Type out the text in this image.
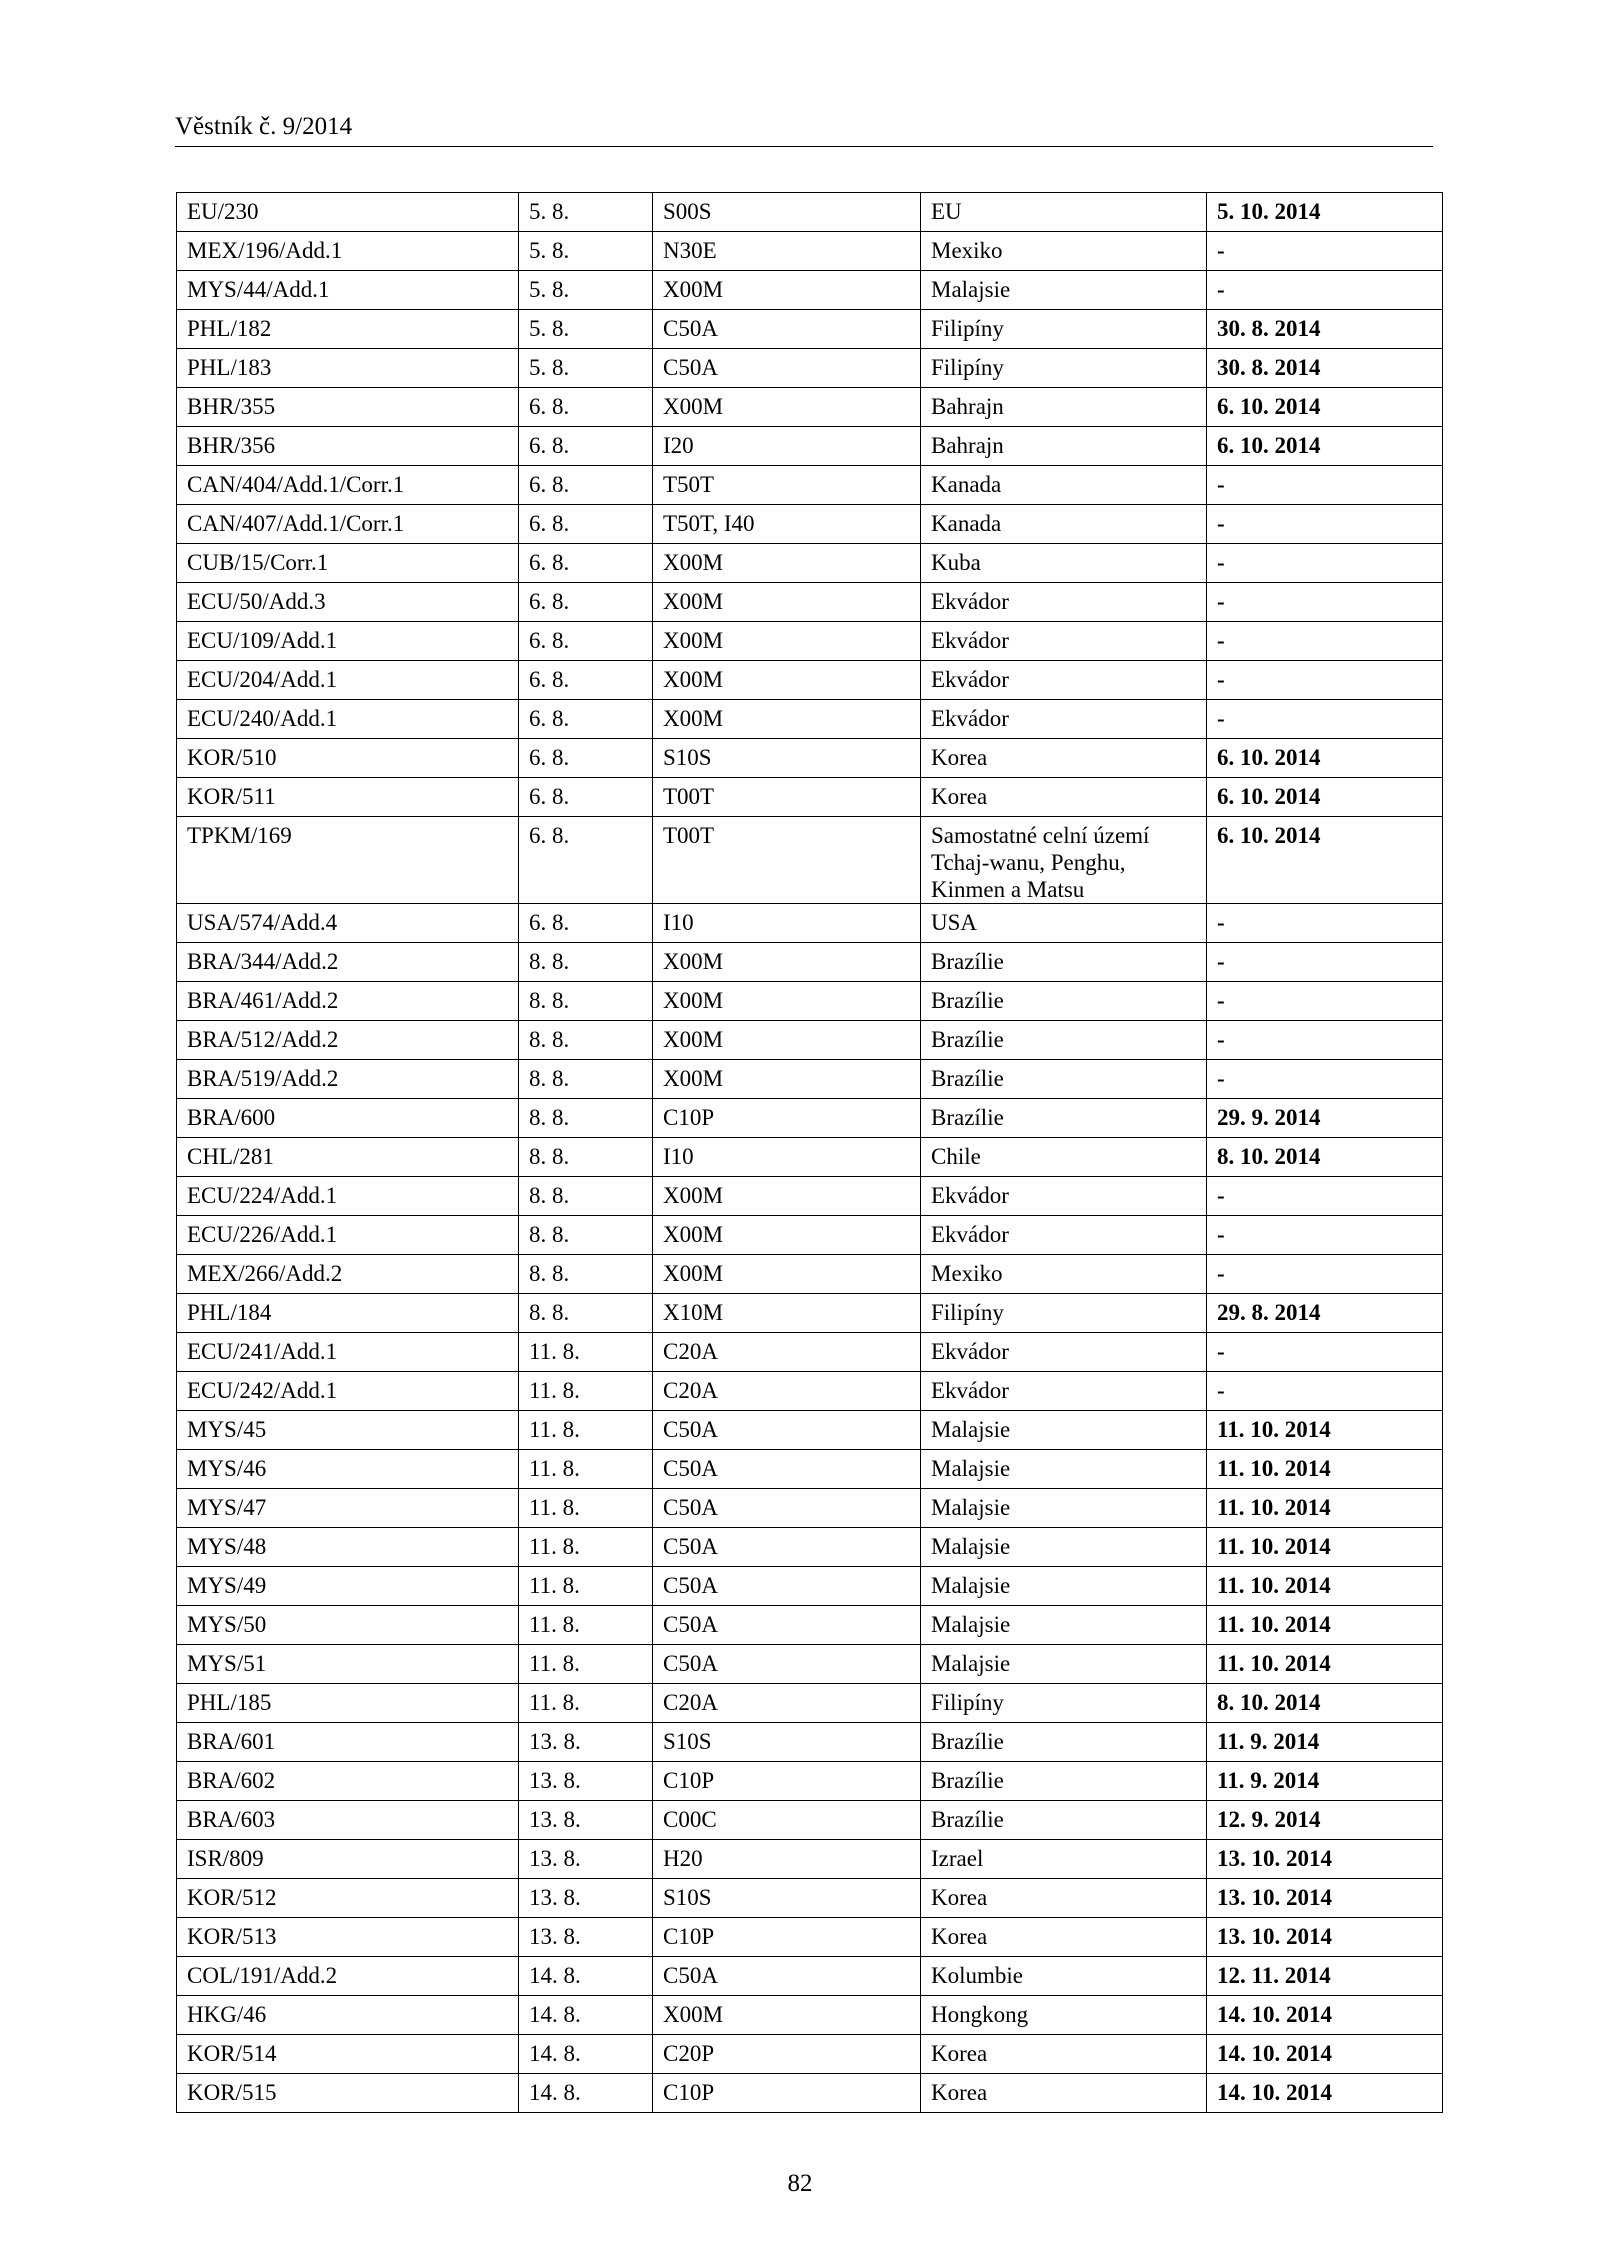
Věstník č. 9/2014
EU/230	5. 8.	S00S	EU	5. 10. 2014
MEX/196/Add.1	5. 8.	N30E	Mexiko	-
MYS/44/Add.1	5. 8.	X00M	Malajsie	-
PHL/182	5. 8.	C50A	Filipíny	30. 8. 2014
PHL/183	5. 8.	C50A	Filipíny	30. 8. 2014
BHR/355	6. 8.	X00M	Bahrajn	6. 10. 2014
BHR/356	6. 8.	I20	Bahrajn	6. 10. 2014
CAN/404/Add.1/Corr.1	6. 8.	T50T	Kanada	-
CAN/407/Add.1/Corr.1	6. 8.	T50T, I40	Kanada	-
CUB/15/Corr.1	6. 8.	X00M	Kuba	-
ECU/50/Add.3	6. 8.	X00M	Ekvádor	-
ECU/109/Add.1	6. 8.	X00M	Ekvádor	-
ECU/204/Add.1	6. 8.	X00M	Ekvádor	-
ECU/240/Add.1	6. 8.	X00M	Ekvádor	-
KOR/510	6. 8.	S10S	Korea	6. 10. 2014
KOR/511	6. 8.	T00T	Korea	6. 10. 2014
TPKM/169	6. 8.	T00T	Samostatné celní území Tchaj-wanu, Penghu, Kinmen a Matsu	6. 10. 2014
USA/574/Add.4	6. 8.	I10	USA	-
BRA/344/Add.2	8. 8.	X00M	Brazílie	-
BRA/461/Add.2	8. 8.	X00M	Brazílie	-
BRA/512/Add.2	8. 8.	X00M	Brazílie	-
BRA/519/Add.2	8. 8.	X00M	Brazílie	-
BRA/600	8. 8.	C10P	Brazílie	29. 9. 2014
CHL/281	8. 8.	I10	Chile	8. 10. 2014
ECU/224/Add.1	8. 8.	X00M	Ekvádor	-
ECU/226/Add.1	8. 8.	X00M	Ekvádor	-
MEX/266/Add.2	8. 8.	X00M	Mexiko	-
PHL/184	8. 8.	X10M	Filipíny	29. 8. 2014
ECU/241/Add.1	11. 8.	C20A	Ekvádor	-
ECU/242/Add.1	11. 8.	C20A	Ekvádor	-
MYS/45	11. 8.	C50A	Malajsie	11. 10. 2014
MYS/46	11. 8.	C50A	Malajsie	11. 10. 2014
MYS/47	11. 8.	C50A	Malajsie	11. 10. 2014
MYS/48	11. 8.	C50A	Malajsie	11. 10. 2014
MYS/49	11. 8.	C50A	Malajsie	11. 10. 2014
MYS/50	11. 8.	C50A	Malajsie	11. 10. 2014
MYS/51	11. 8.	C50A	Malajsie	11. 10. 2014
PHL/185	11. 8.	C20A	Filipíny	8. 10. 2014
BRA/601	13. 8.	S10S	Brazílie	11. 9. 2014
BRA/602	13. 8.	C10P	Brazílie	11. 9. 2014
BRA/603	13. 8.	C00C	Brazílie	12. 9. 2014
ISR/809	13. 8.	H20	Izrael	13. 10. 2014
KOR/512	13. 8.	S10S	Korea	13. 10. 2014
KOR/513	13. 8.	C10P	Korea	13. 10. 2014
COL/191/Add.2	14. 8.	C50A	Kolumbie	12. 11. 2014
HKG/46	14. 8.	X00M	Hongkong	14. 10. 2014
KOR/514	14. 8.	C20P	Korea	14. 10. 2014
KOR/515	14. 8.	C10P	Korea	14. 10. 2014
82
